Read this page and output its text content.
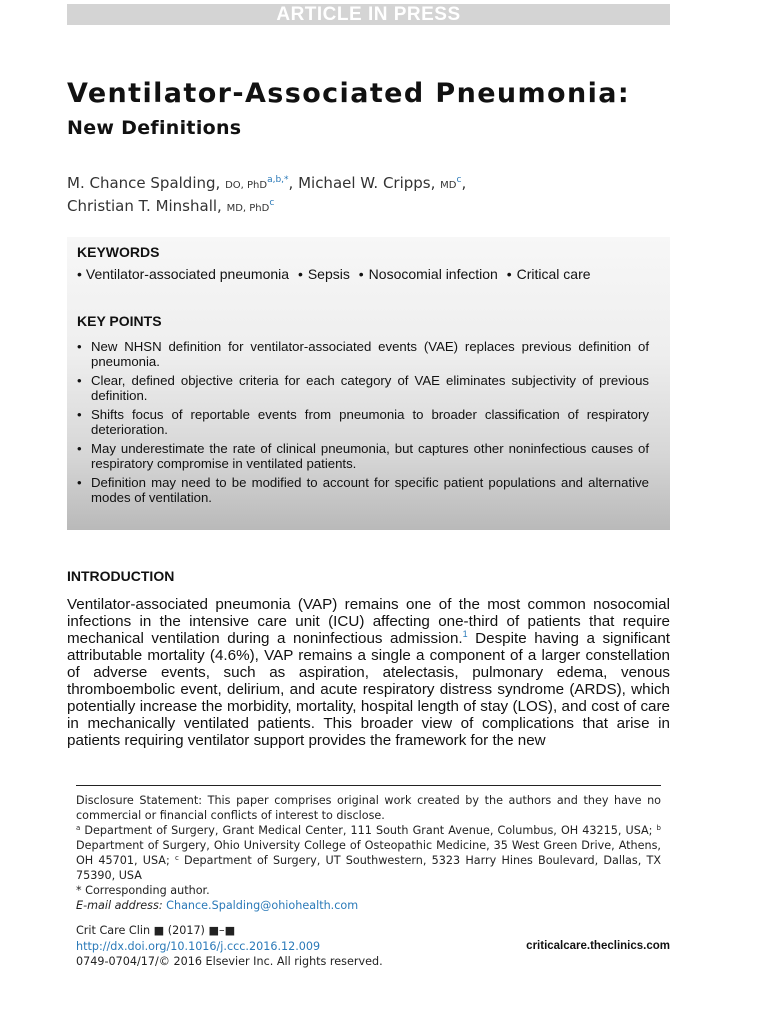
ARTICLE IN PRESS
Ventilator-Associated Pneumonia: New Definitions
M. Chance Spalding, DO, PhD$^{a,b,*}$, Michael W. Cripps, $MD^c$,
Christian T. Minshall, MD, PhD$^c$
KEYWORDS
• Ventilator-associated pneumonia • Sepsis • Nosocomial infection • Critical care
KEY POINTS
• New NHSN definition for ventilator-associated events (VAE) replaces previous definition of pneumonia.
• Clear, defined objective criteria for each category of VAE eliminates subjectivity of previous definition.
• Shifts focus of reportable events from pneumonia to broader classification of respiratory deterioration.
• May underestimate the rate of clinical pneumonia, but captures other noninfectious causes of respiratory compromise in ventilated patients.
• Definition may need to be modified to account for specific patient populations and alternative modes of ventilation.
INTRODUCTION

Ventilator-associated pneumonia (VAP) remains one of the most common nosocomial infections in the intensive care unit (ICU) affecting one-third of patients that require mechanical ventilation during a noninfectious admission.$^1$ Despite having a significant attributable mortality (4.6%), VAP remains a single a component of a larger constellation of adverse events, such as aspiration, atelectasis, pulmonary edema, venous thromboembolic event, delirium, and acute respiratory distress syndrome (ARDS), which potentially increase the morbidity, mortality, hospital length of stay (LOS), and cost of care in mechanically ventilated patients. This broader view of complications that arise in patients requiring ventilator support provides the framework for the new

Disclosure Statement: This paper comprises original work created by the authors and they have no commercial or financial conflicts of interest to disclose.

$^a$ Department of Surgery, Grant Medical Center, 111 South Grant Avenue, Columbus, OH 43215, USA; $^b$ Department of Surgery, Ohio University College of Osteopathic Medicine, 35 West Green Drive, Athens, OH 45701, USA; $^c$ Department of Surgery, UT Southwestern, 5323 Harry Hines Boulevard, Dallas, TX 75390, USA

* Corresponding author.

E-mail address: Chance.Spalding@ohiohealth.com

Crit Care Clin ■ (2017) ■–■
http://dx.doi.org/10.1016/j.ccc.2016.12.009
0749-0704/17/© 2016 Elsevier Inc. All rights reserved.
criticalcare.theclinics.com
